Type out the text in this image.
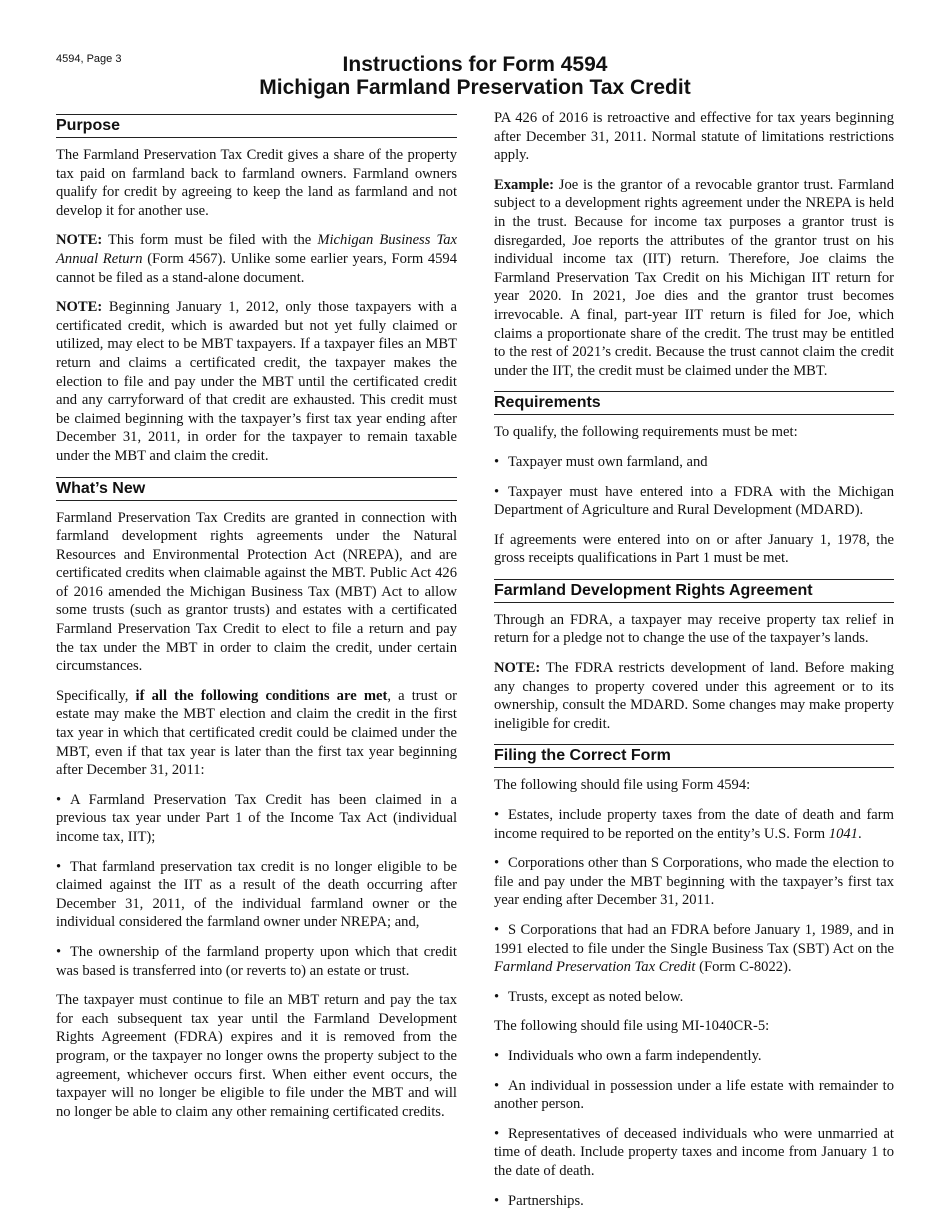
4594, Page 3	Instructions for Form 4594
Michigan Farmland Preservation Tax Credit
Purpose

The Farmland Preservation Tax Credit gives a share of the property tax paid on farmland back to farmland owners. Farmland owners qualify for credit by agreeing to keep the land as farmland and not develop it for another use.

NOTE: This form must be filed with the Michigan Business Tax Annual Return (Form 4567). Unlike some earlier years, Form 4594 cannot be filed as a stand-alone document.

NOTE: Beginning January 1, 2012, only those taxpayers with a certificated credit, which is awarded but not yet fully claimed or utilized, may elect to be MBT taxpayers. If a taxpayer files an MBT return and claims a certificated credit, the taxpayer makes the election to file and pay under the MBT until the certificated credit and any carryforward of that credit are exhausted. This credit must be claimed beginning with the taxpayer’s first tax year ending after December 31, 2011, in order for the taxpayer to remain taxable under the MBT and claim the credit.

What’s New

Farmland Preservation Tax Credits are granted in connection with farmland development rights agreements under the Natural Resources and Environmental Protection Act (NREPA), and are certificated credits when claimable against the MBT. Public Act 426 of 2016 amended the Michigan Business Tax (MBT) Act to allow some trusts (such as grantor trusts) and estates with a certificated Farmland Preservation Tax Credit to elect to file a return and pay the tax under the MBT in order to claim the credit, under certain circumstances.

Specifically, if all the following conditions are met, a trust or estate may make the MBT election and claim the credit in the first tax year in which that certificated credit could be claimed under the MBT, even if that tax year is later than the first tax year beginning after December 31, 2011:

• A Farmland Preservation Tax Credit has been claimed in a previous tax year under Part 1 of the Income Tax Act (individual income tax, IIT);

• That farmland preservation tax credit is no longer eligible to be claimed against the IIT as a result of the death occurring after December 31, 2011, of the individual farmland owner or the individual considered the farmland owner under NREPA; and,

• The ownership of the farmland property upon which that credit was based is transferred into (or reverts to) an estate or trust.

The taxpayer must continue to file an MBT return and pay the tax for each subsequent tax year until the Farmland Development Rights Agreement (FDRA) expires and it is removed from the program, or the taxpayer no longer owns the property subject to the agreement, whichever occurs first. When either event occurs, the taxpayer will no longer be eligible to file under the MBT and will no longer be able to claim any other remaining certificated credits.

PA 426 of 2016 is retroactive and effective for tax years beginning after December 31, 2011. Normal statute of limitations restrictions apply.

Example: Joe is the grantor of a revocable grantor trust. Farmland subject to a development rights agreement under the NREPA is held in the trust. Because for income tax purposes a grantor trust is disregarded, Joe reports the attributes of the grantor trust on his individual income tax (IIT) return. Therefore, Joe claims the Farmland Preservation Tax Credit on his Michigan IIT return for year 2020. In 2021, Joe dies and the grantor trust becomes irrevocable. A final, part-year IIT return is filed for Joe, which claims a proportionate share of the credit. The trust may be entitled to the rest of 2021’s credit. Because the trust cannot claim the credit under the IIT, the credit must be claimed under the MBT.

Requirements

To qualify, the following requirements must be met:

• Taxpayer must own farmland, and

• Taxpayer must have entered into a FDRA with the Michigan Department of Agriculture and Rural Development (MDARD).

If agreements were entered into on or after January 1, 1978, the gross receipts qualifications in Part 1 must be met.

Farmland Development Rights Agreement

Through an FDRA, a taxpayer may receive property tax relief in return for a pledge not to change the use of the taxpayer’s lands.

NOTE: The FDRA restricts development of land. Before making any changes to property covered under this agreement or to its ownership, consult the MDARD. Some changes may make property ineligible for credit.

Filing the Correct Form

The following should file using Form 4594:

• Estates, include property taxes from the date of death and farm income required to be reported on the entity’s U.S. Form 1041.

• Corporations other than S Corporations, who made the election to file and pay under the MBT beginning with the taxpayer’s first tax year ending after December 31, 2011.

• S Corporations that had an FDRA before January 1, 1989, and in 1991 elected to file under the Single Business Tax (SBT) Act on the Farmland Preservation Tax Credit (Form C-8022).

• Trusts, except as noted below.

The following should file using MI-1040CR-5:

• Individuals who own a farm independently.

• An individual in possession under a life estate with remainder to another person.

• Representatives of deceased individuals who were unmarried at time of death. Include property taxes and income from January 1 to the date of death.

• Partnerships.
